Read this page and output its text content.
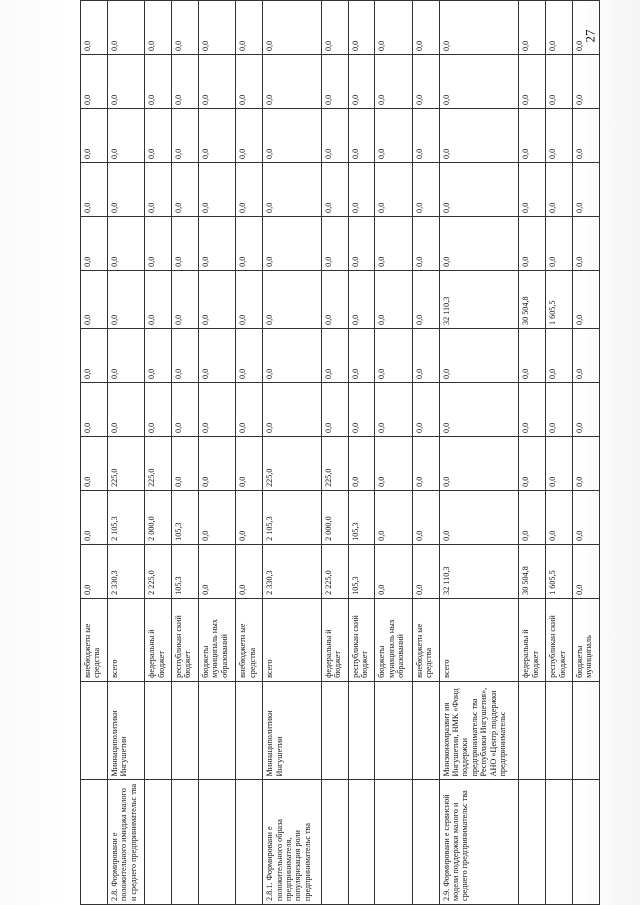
		внебюджетн ые средства	0,0	0,0	0,0	0,0	0,0	0,0	0,0	0,0	0,0	0,0	0,0
2.8. Формировани е положительного имиджа малого и среднего предпринимательс тва	Миннациполитики Ингушетии	всего	2 330,3	2 105,3	225,0	0,0	0,0	0,0	0,0	0,0	0,0	0,0	0,0
		федеральны й бюджет	2 225,0	2 000,0	225,0	0,0	0,0	0,0	0,0	0,0	0,0	0,0	0,0
		республикан ский бюджет	105,3	105,3	0,0	0,0	0,0	0,0	0,0	0,0	0,0	0,0	0,0
		бюджеты муниципаль ных образований	0,0	0,0	0,0	0,0	0,0	0,0	0,0	0,0	0,0	0,0	0,0
		внебюджетн ые средства	0,0	0,0	0,0	0,0	0,0	0,0	0,0	0,0	0,0	0,0	0,0
2.8.1. Формировани е положительного образа предпринимателя, популяризация роли предпринимательс тва	Миннациполитики Ингушетии	всего	2 330,3	2 105,3	225,0	0,0	0,0	0,0	0,0	0,0	0,0	0,0	0,0
		федеральны й бюджет	2 225,0	2 000,0	225,0	0,0	0,0	0,0	0,0	0,0	0,0	0,0	0,0
		республикан ский бюджет	105,3	105,3	0,0	0,0	0,0	0,0	0,0	0,0	0,0	0,0	0,0
		бюджеты муниципаль ных образований	0,0	0,0	0,0	0,0	0,0	0,0	0,0	0,0	0,0	0,0	0,0
		внебюджетн ые средства	0,0	0,0	0,0	0,0	0,0	0,0	0,0	0,0	0,0	0,0	0,0
2.9. Формировани е сервисной модели поддержки малого и среднего предпринимательс тва	Минэкономразвит ия Ингушетии, НМК «Фонд поддержки предпринимательс тва Республики Ингушетия», АНО «Центр поддержки предпринимательс	всего	32 110,3	0,0	0,0	0,0	0,0	32 110,3	0,0	0,0	0,0	0,0	0,0
		федеральны й бюджет	30 504,8	0,0	0,0	0,0	0,0	30 504,8	0,0	0,0	0,0	0,0	0,0
		республикан ский бюджет	1 605,5	0,0	0,0	0,0	0,0	1 605,5	0,0	0,0	0,0	0,0	0,0
		бюджеты муниципаль	0,0	0,0	0,0	0,0	0,0	0,0	0,0	0,0	0,0	0,0	0,0
27
